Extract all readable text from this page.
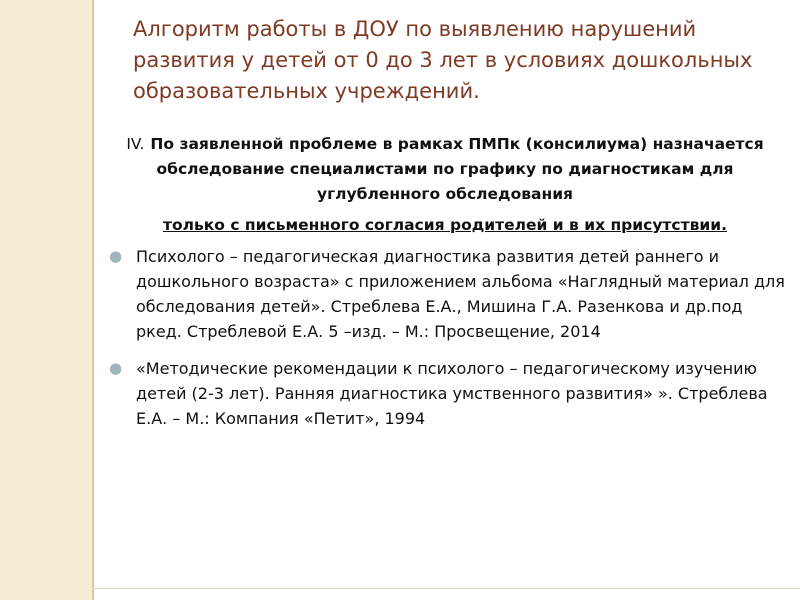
Алгоритм работы в ДОУ по выявлению нарушений развития у детей от 0 до 3 лет в условиях дошкольных образовательных учреждений.

IV. По заявленной проблеме в рамках ПМПк (консилиума) назначается обследование специалистами по графику по диагностикам для углубленного обследования

только с письменного согласия родителей и в их присутствии.

● Психолого – педагогическая диагностика развития детей раннего и дошкольного возраста» с приложением альбома «Наглядный материал для обследования детей». Стреблева Е.А., Мишина Г.А. Разенкова и др.под ркед. Стреблевой Е.А. 5 –изд. – М.: Просвещение, 2014
● «Методические рекомендации к психолого – педагогическому изучению детей (2-3 лет). Ранняя диагностика умственного развития» ». Стреблева Е.А. – М.: Компания «Петит», 1994
